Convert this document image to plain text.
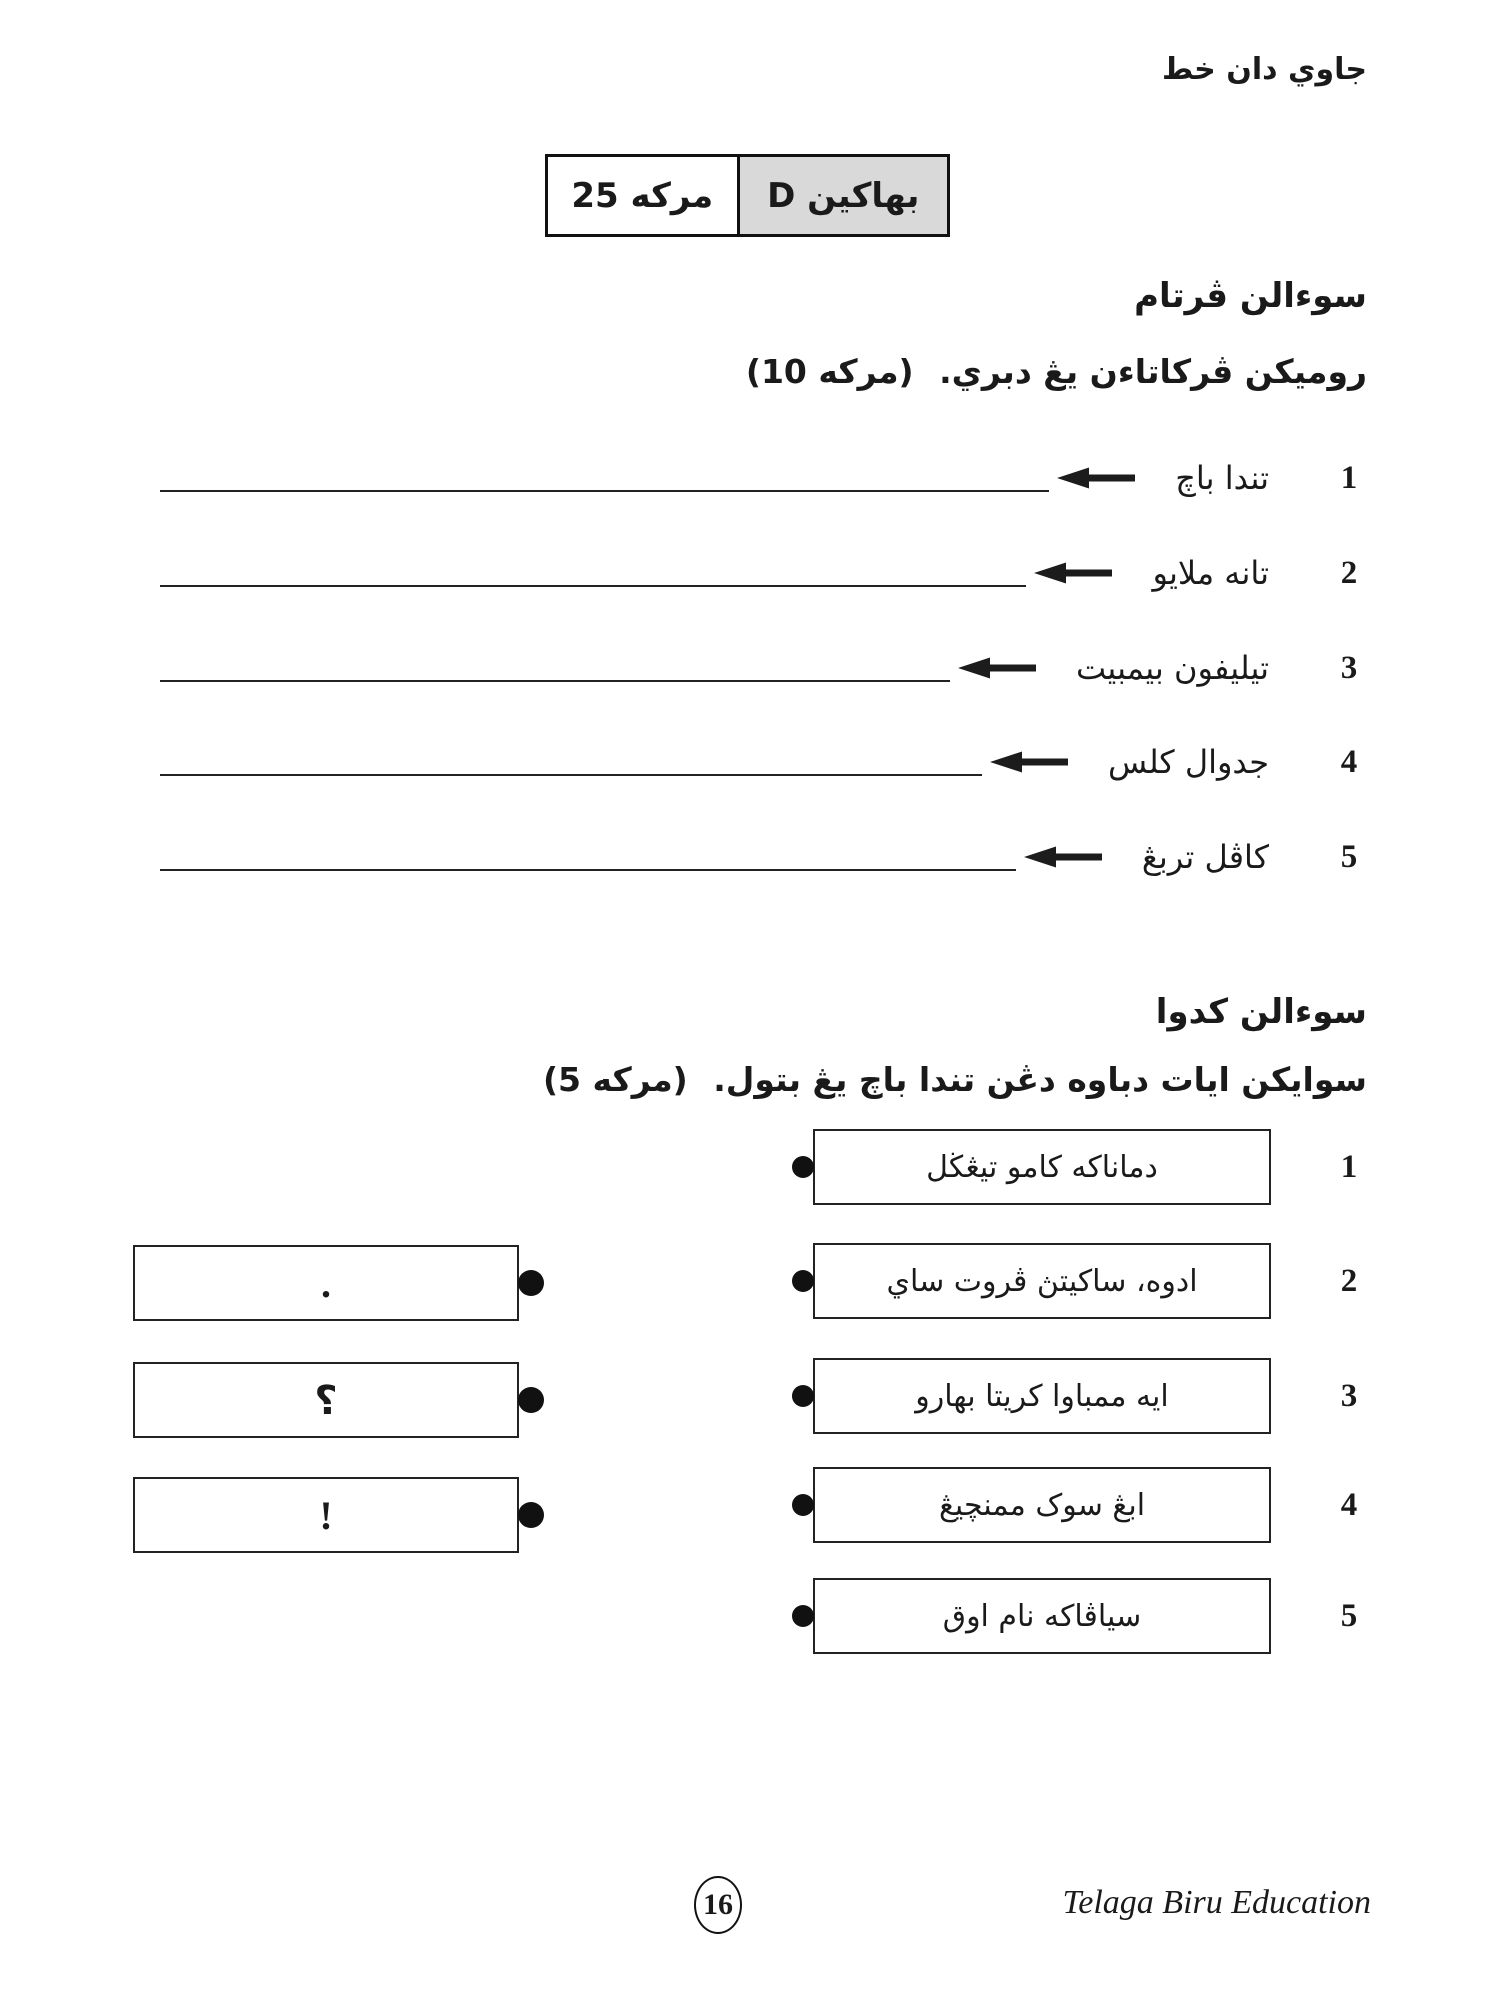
جاوي دان خط
25 مركه	بهاكين D
سوءالن ڤرتام
روميكن ڤركاتاءن يڠ دبري. (10 مركه)
1
تندا باچ
2
تانه ملايو
3
تيليفون بيمبيت
4
جدوال كلس
5
كاڤل تربڠ
سوءالن كدوا
سوايكن ايات دباوه دڠن تندا باچ يڠ بتول. (5 مركه)
1
دماناكه كامو تيڠڬل
2
ادوه، ساكيتڽ ڤروت ساي
3
ايه ممباوا كريتا بهارو
4
ابڠ سوک ممنچيڠ
5
سياڤاكه نام اوق
.
؟
!
16	Telaga Biru Education
